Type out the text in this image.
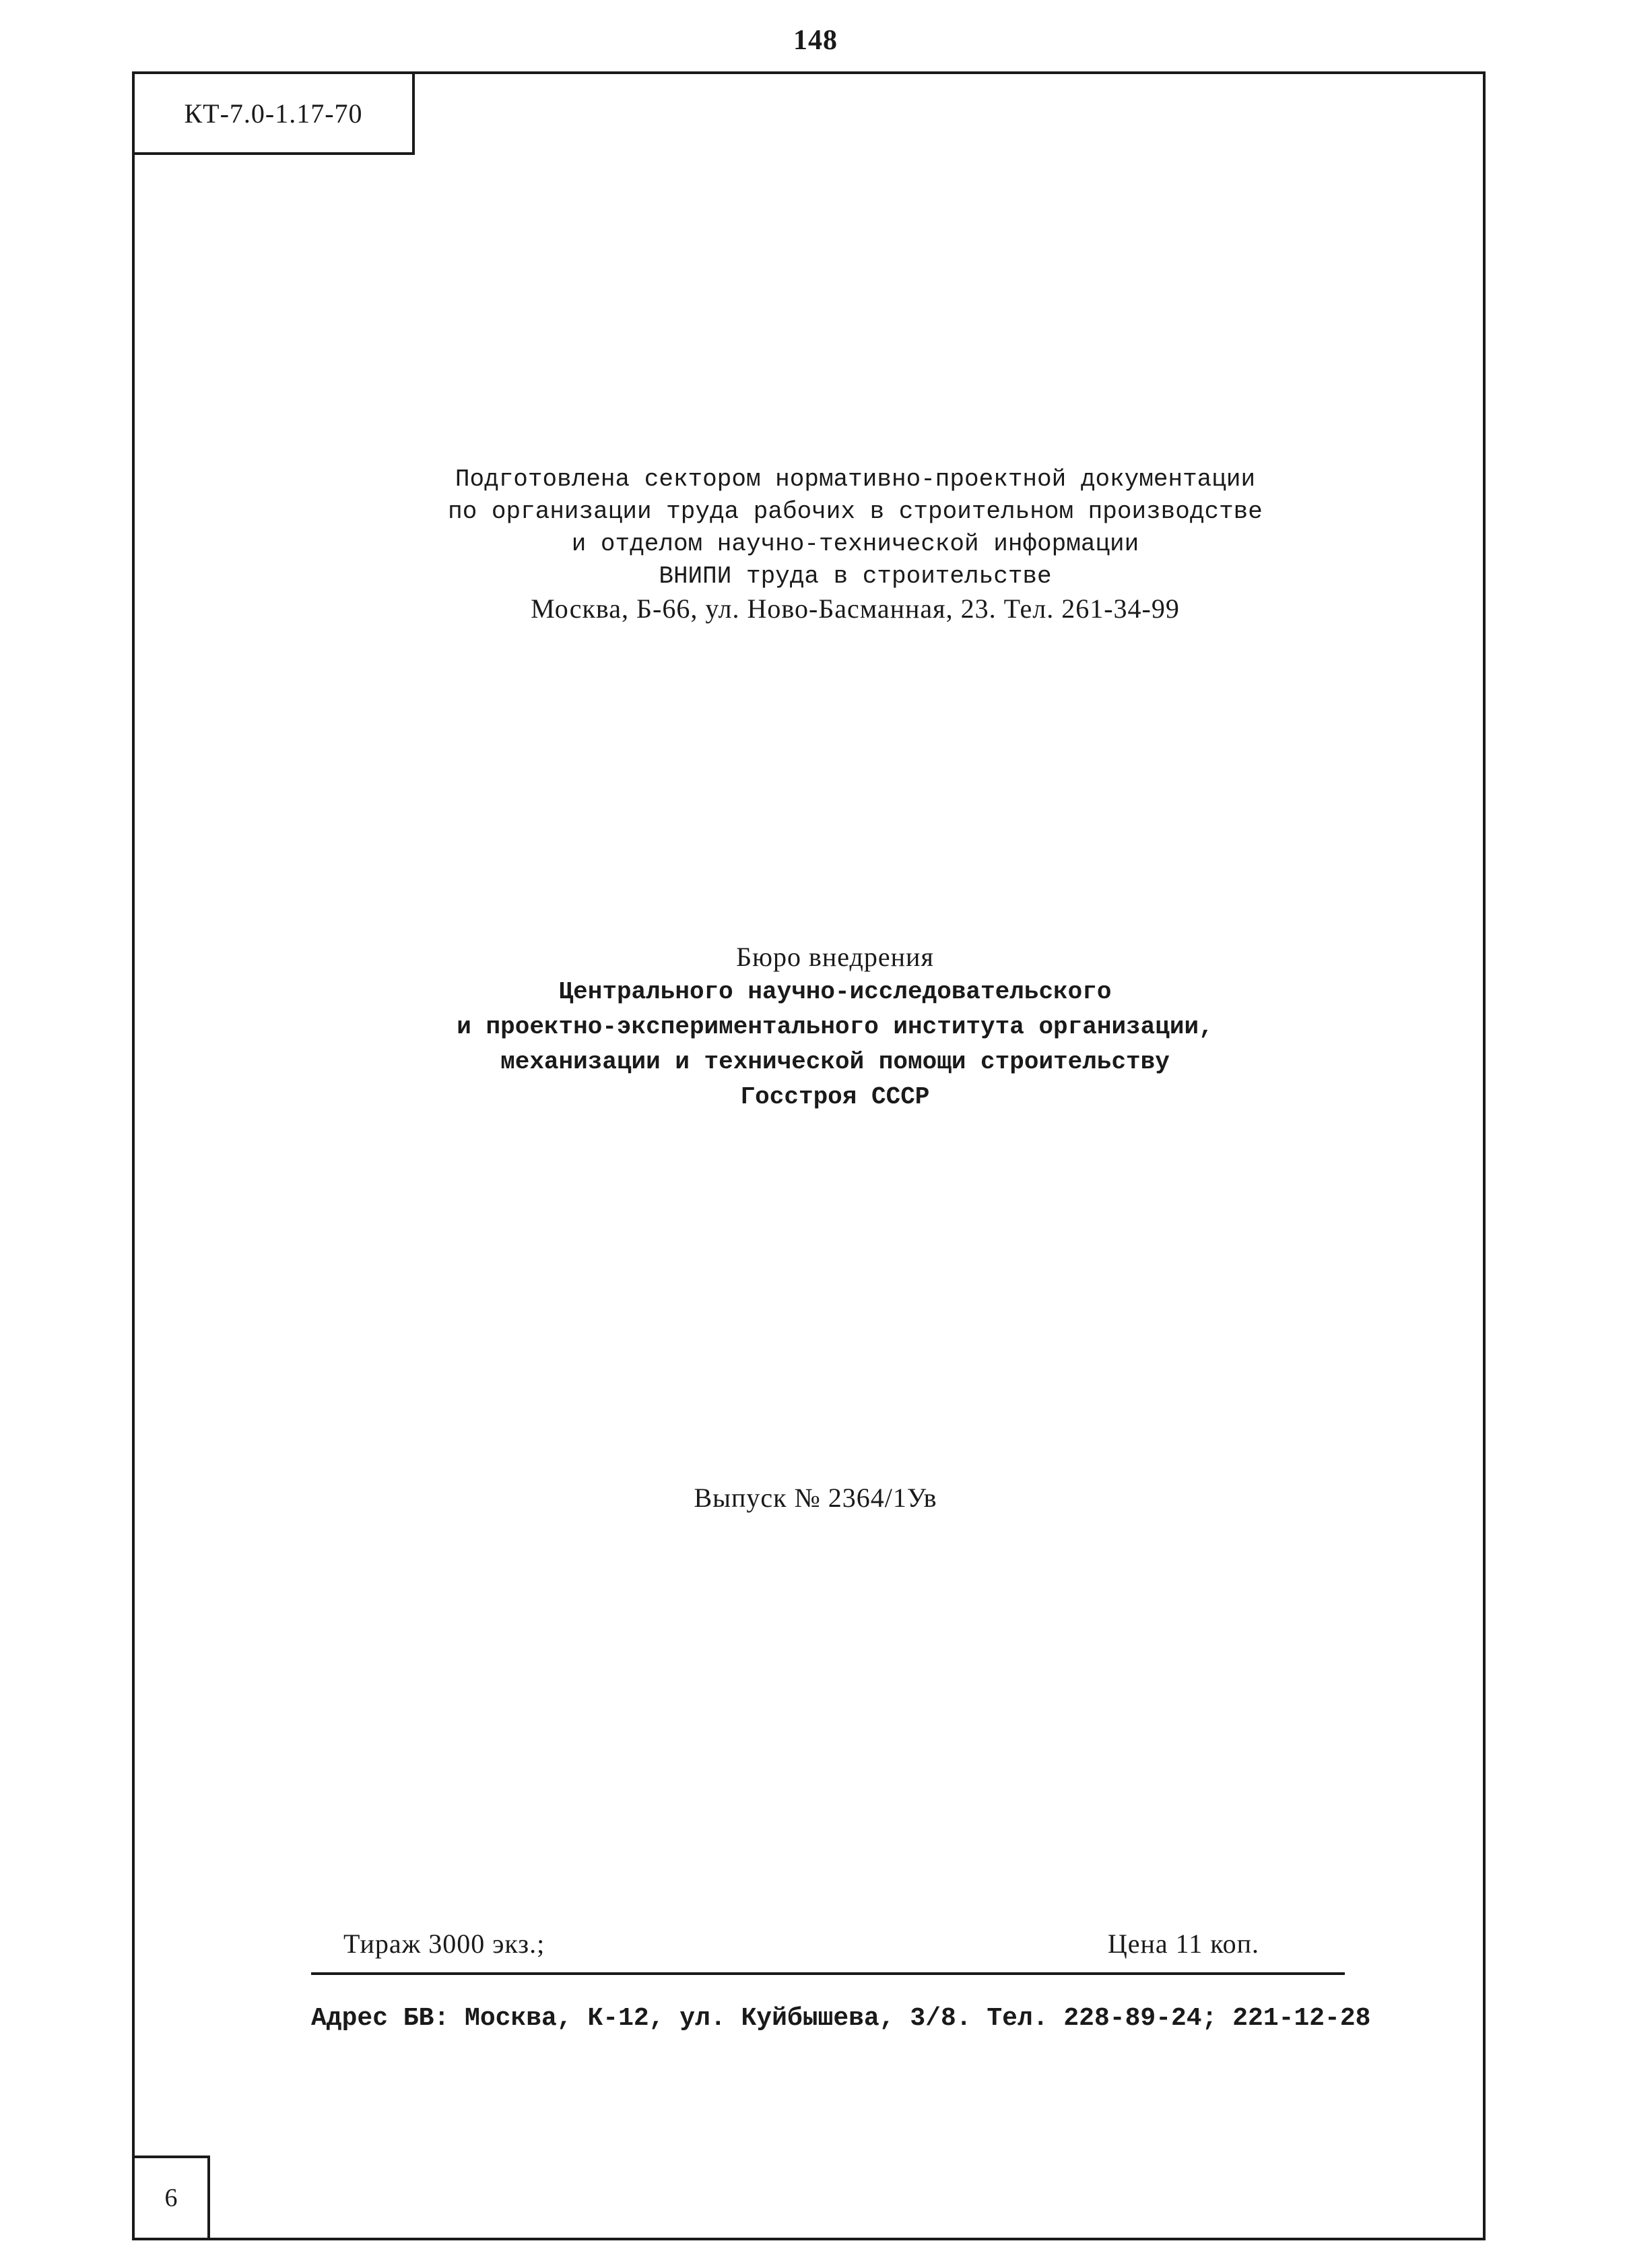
148
КТ-7.0-1.17-70
Подготовлена сектором нормативно-проектной документации
по организации труда рабочих в строительном производстве
и отделом научно-технической информации
ВНИПИ труда в строительстве
Москва, Б-66, ул. Ново-Басманная, 23. Тел. 261-34-99
Бюро внедрения
Центрального научно-исследовательского
и проектно-экспериментального института организации,
механизации и технической помощи строительству
Госстроя СССР
Выпуск № 2364/1Ув
Тираж 3000 экз.;	Цена 11 коп.
Адрес БВ: Москва, К-12, ул. Куйбышева, 3/8. Тел. 228-89-24; 221-12-28
6
